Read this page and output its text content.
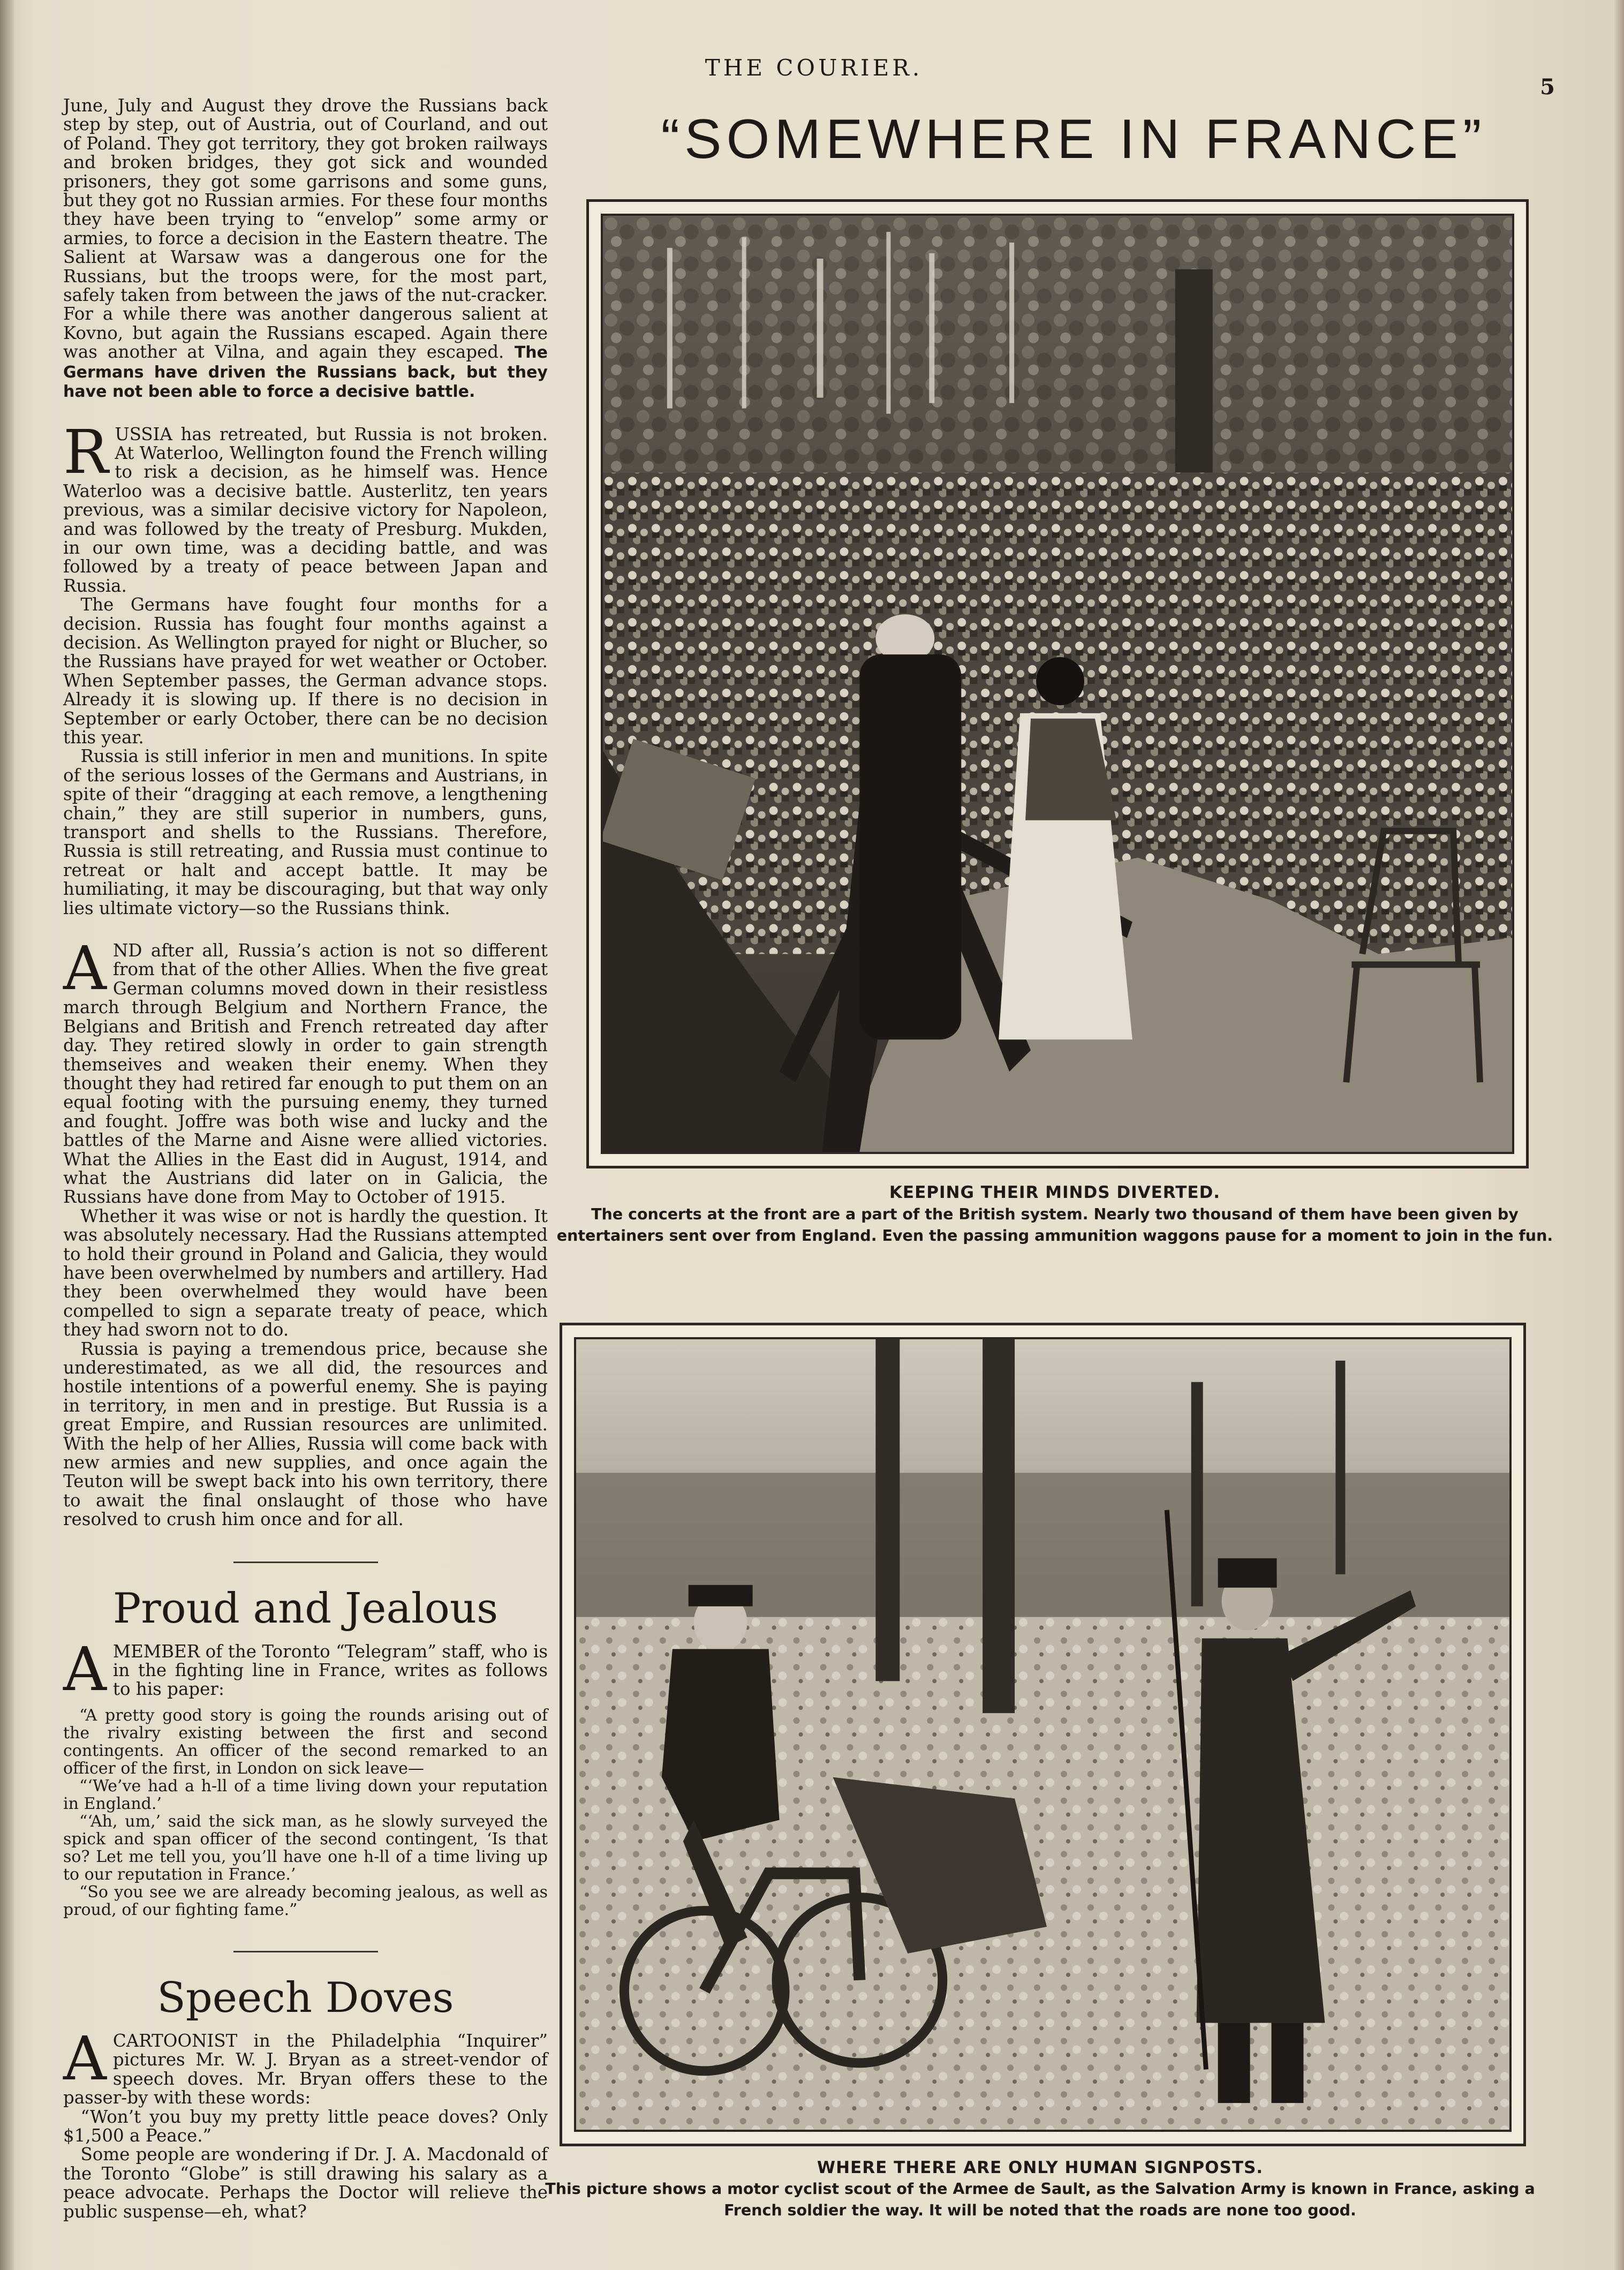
THE COURIER.
5
“SOMEWHERE IN FRANCE”

June, July and August they drove the Russians back step by step, out of Austria, out of Courland, and out of Poland. They got territory, they got broken railways and broken bridges, they got sick and wounded prisoners, they got some garrisons and some guns, but they got no Russian armies. For these four months they have been trying to “envelop” some army or armies, to force a decision in the Eastern theatre. The Salient at Warsaw was a dangerous one for the Russians, but the troops were, for the most part, safely taken from between the jaws of the nut-cracker. For a while there was another dangerous salient at Kovno, but again the Russians escaped. Again there was another at Vilna, and again they escaped. The Germans have driven the Russians back, but they have not been able to force a decisive battle.

RUSSIA has retreated, but Russia is not broken. At Waterloo, Wellington found the French willing to risk a decision, as he himself was. Hence Waterloo was a decisive battle. Austerlitz, ten years previous, was a similar decisive victory for Napoleon, and was followed by the treaty of Presburg. Mukden, in our own time, was a deciding battle, and was followed by a treaty of peace between Japan and Russia.

 The Germans have fought four months for a decision. Russia has fought four months against a decision. As Wellington prayed for night or Blucher, so the Russians have prayed for wet weather or October. When September passes, the German advance stops. Already it is slowing up. If there is no decision in September or early October, there can be no decision this year.

 Russia is still inferior in men and munitions. In spite of the serious losses of the Germans and Austrians, in spite of their “dragging at each remove, a lengthening chain,” they are still superior in numbers, guns, transport and shells to the Russians. Therefore, Russia is still retreating, and Russia must continue to retreat or halt and accept battle. It may be humiliating, it may be discouraging, but that way only lies ultimate victory—so the Russians think.

AND after all, Russia’s action is not so different from that of the other Allies. When the five great German columns moved down in their resistless march through Belgium and Northern France, the Belgians and British and French retreated day after day. They retired slowly in order to gain strength themseives and weaken their enemy. When they thought they had retired far enough to put them on an equal footing with the pursuing enemy, they turned and fought. Joffre was both wise and lucky and the battles of the Marne and Aisne were allied victories. What the Allies in the East did in August, 1914, and what the Austrians did later on in Galicia, the Russians have done from May to October of 1915.

 Whether it was wise or not is hardly the question. It was absolutely necessary. Had the Russians attempted to hold their ground in Poland and Galicia, they would have been overwhelmed by numbers and artillery. Had they been overwhelmed they would have been compelled to sign a separate treaty of peace, which they had sworn not to do.

 Russia is paying a tremendous price, because she underestimated, as we all did, the resources and hostile intentions of a powerful enemy. She is paying in territory, in men and in prestige. But Russia is a great Empire, and Russian resources are unlimited. With the help of her Allies, Russia will come back with new armies and new supplies, and once again the Teuton will be swept back into his own territory, there to await the final onslaught of those who have resolved to crush him once and for all.

Proud and Jealous

AMEMBER of the Toronto “Telegram” staff, who is in the fighting line in France, writes as follows to his paper:

 “A pretty good story is going the rounds arising out of the rivalry existing between the first and second contingents. An officer of the second remarked to an officer of the first, in London on sick leave—

 “‘We’ve had a h-ll of a time living down your reputation in England.’

 “‘Ah, um,’ said the sick man, as he slowly surveyed the spick and span officer of the second contingent, ‘Is that so? Let me tell you, you’ll have one h-ll of a time living up to our reputation in France.’

 “So you see we are already becoming jealous, as well as proud, of our fighting fame.”

Speech Doves

ACARTOONIST in the Philadelphia “Inquirer” pictures Mr. W. J. Bryan as a street-vendor of speech doves. Mr. Bryan offers these to the passer-by with these words:

 “Won’t you buy my pretty little peace doves? Only $1,500 a Peace.”

 Some people are wondering if Dr. J. A. Macdonald of the Toronto “Globe” is still drawing his salary as a peace advocate. Perhaps the Doctor will relieve the public suspense—eh, what?

KEEPING THEIR MINDS DIVERTED.
The concerts at the front are a part of the British system. Nearly two thousand of them have been given by entertainers sent over from England. Even the passing ammunition waggons pause for a moment to join in the fun.
WHERE THERE ARE ONLY HUMAN SIGNPOSTS.
This picture shows a motor cyclist scout of the Armee de Sault, as the Salvation Army is known in France, asking a French soldier the way. It will be noted that the roads are none too good.
